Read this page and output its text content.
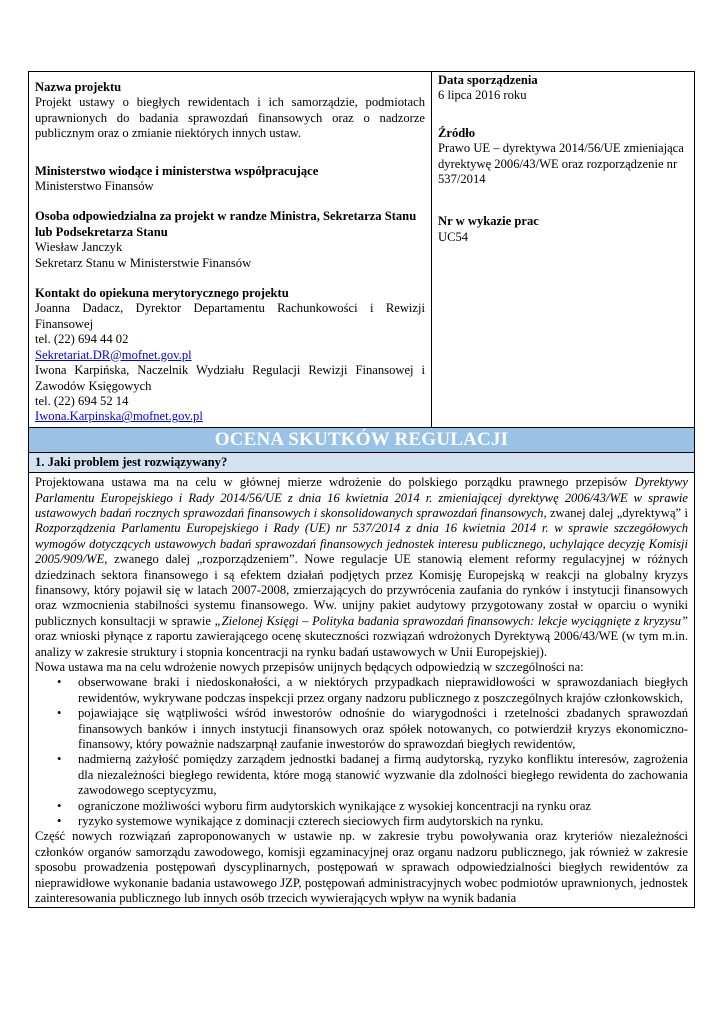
Nazwa projektu
Projekt ustawy o biegłych rewidentach i ich samorządzie, podmiotach uprawnionych do badania sprawozdań finansowych oraz o nadzorze publicznym oraz o zmianie niektórych innych ustaw.
Ministerstwo wiodące i ministerstwa współpracujące
Ministerstwo Finansów
Osoba odpowiedzialna za projekt w randze Ministra, Sekretarza Stanu lub Podsekretarza Stanu
Wiesław Janczyk
Sekretarz Stanu w Ministerstwie Finansów
Kontakt do opiekuna merytorycznego projektu
Joanna Dadacz, Dyrektor Departamentu Rachunkowości i Rewizji Finansowej
tel. (22) 694 44 02
Sekretariat.DR@mofnet.gov.pl
Iwona Karpińska, Naczelnik Wydziału Regulacji Rewizji Finansowej i Zawodów Księgowych
tel. (22) 694 52 14
Iwona.Karpinska@mofnet.gov.pl

Data sporządzenia
6 lipca 2016 roku
Źródło
Prawo UE – dyrektywa 2014/56/UE zmieniająca dyrektywę 2006/43/WE oraz rozporządzenie nr 537/2014
Nr w wykazie prac
UC54

OCENA SKUTKÓW REGULACJI
1. Jaki problem jest rozwiązywany?

Projektowana ustawa ma na celu w głównej mierze wdrożenie do polskiego porządku prawnego przepisów Dyrektywy Parlamentu Europejskiego i Rady 2014/56/UE z dnia 16 kwietnia 2014 r. zmieniającej dyrektywę 2006/43/WE w sprawie ustawowych badań rocznych sprawozdań finansowych i skonsolidowanych sprawozdań finansowych, zwanej dalej „dyrektywą” i Rozporządzenia Parlamentu Europejskiego i Rady (UE) nr 537/2014 z dnia 16 kwietnia 2014 r. w sprawie szczegółowych wymogów dotyczących ustawowych badań sprawozdań finansowych jednostek interesu publicznego, uchylające decyzję Komisji 2005/909/WE, zwanego dalej „rozporządzeniem”. Nowe regulacje UE stanowią element reformy regulacyjnej w różnych dziedzinach sektora finansowego i są efektem działań podjętych przez Komisję Europejską w reakcji na globalny kryzys finansowy, który pojawił się w latach 2007-2008, zmierzających do przywrócenia zaufania do rynków i instytucji finansowych oraz wzmocnienia stabilności systemu finansowego. Ww. unijny pakiet audytowy przygotowany został w oparciu o wyniki publicznych konsultacji w sprawie „Zielonej Księgi – Polityka badania sprawozdań finansowych: lekcje wyciągnięte z kryzysu” oraz wnioski płynące z raportu zawierającego ocenę skuteczności rozwiązań wdrożonych Dyrektywą 2006/43/WE (w tym m.in. analizy w zakresie struktury i stopnia koncentracji na rynku badań ustawowych w Unii Europejskiej).

Nowa ustawa ma na celu wdrożenie nowych przepisów unijnych będących odpowiedzią w szczególności na:

• obserwowane braki i niedoskonałości, a w niektórych przypadkach nieprawidłowości w sprawozdaniach biegłych rewidentów, wykrywane podczas inspekcji przez organy nadzoru publicznego z poszczególnych krajów członkowskich,
• pojawiające się wątpliwości wśród inwestorów odnośnie do wiarygodności i rzetelności zbadanych sprawozdań finansowych banków i innych instytucji finansowych oraz spółek notowanych, co potwierdził kryzys ekonomiczno-finansowy, który poważnie nadszarpnął zaufanie inwestorów do sprawozdań biegłych rewidentów,
• nadmierną zażyłość pomiędzy zarządem jednostki badanej a firmą audytorską, ryzyko konfliktu interesów, zagrożenia dla niezależności biegłego rewidenta, które mogą stanowić wyzwanie dla zdolności biegłego rewidenta do zachowania zawodowego sceptycyzmu,
• ograniczone możliwości wyboru firm audytorskich wynikające z wysokiej koncentracji na rynku oraz
• ryzyko systemowe wynikające z dominacji czterech sieciowych firm audytorskich na rynku.

Część nowych rozwiązań zaproponowanych w ustawie np. w zakresie trybu powoływania oraz kryteriów niezależności członków organów samorządu zawodowego, komisji egzaminacyjnej oraz organu nadzoru publicznego, jak również w zakresie sposobu prowadzenia postępowań dyscyplinarnych, postępowań w sprawach odpowiedzialności biegłych rewidentów za nieprawidłowe wykonanie badania ustawowego JZP, postępowań administracyjnych wobec podmiotów uprawnionych, jednostek zainteresowania publicznego lub innych osób trzecich wywierających wpływ na wynik badania
